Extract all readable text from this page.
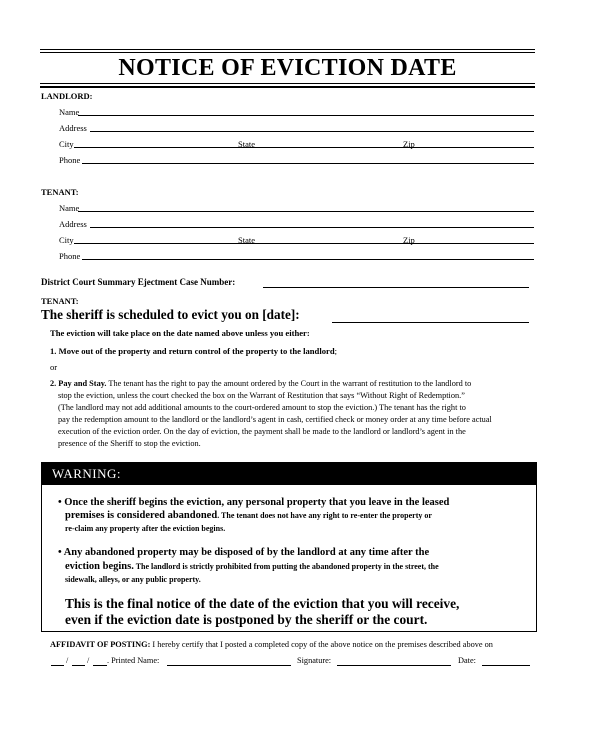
NOTICE OF EVICTION DATE
LANDLORD:
Name
Address
City	State	Zip
Phone
TENANT:
Name
Address
City	State	Zip
Phone
District Court Summary Ejectment Case Number:
TENANT:
The sheriff is scheduled to evict you on [date]:
The eviction will take place on the date named above unless you either:
1. Move out of the property and return control of the property to the landlord;
or
2. Pay and Stay. The tenant has the right to pay the amount ordered by the Court in the warrant of restitution to the landlord to
stop the eviction, unless the court checked the box on the Warrant of Restitution that says “Without Right of Redemption.”
(The landlord may not add additional amounts to the court-ordered amount to stop the eviction.) The tenant has the right to
pay the redemption amount to the landlord or the landlord’s agent in cash, certified check or money order at any time before actual
execution of the eviction order. On the day of eviction, the payment shall be made to the landlord or landlord’s agent in the
presence of the Sheriff to stop the eviction.
WARNING:
• Once the sheriff begins the eviction, any personal property that you leave in the leased
premises is considered abandoned. The tenant does not have any right to re-enter the property or
re-claim any property after the eviction begins.
• Any abandoned property may be disposed of by the landlord at any time after the
eviction begins. The landlord is strictly prohibited from putting the abandoned property in the street, the
sidewalk, alleys, or any public property.
This is the final notice of the date of the eviction that you will receive,
even if the eviction date is postponed by the sheriff or the court.
AFFIDAVIT OF POSTING: I hereby certify that I posted a completed copy of the above notice on the premises described above on
/ / . Printed Name:	Signature:	Date:
